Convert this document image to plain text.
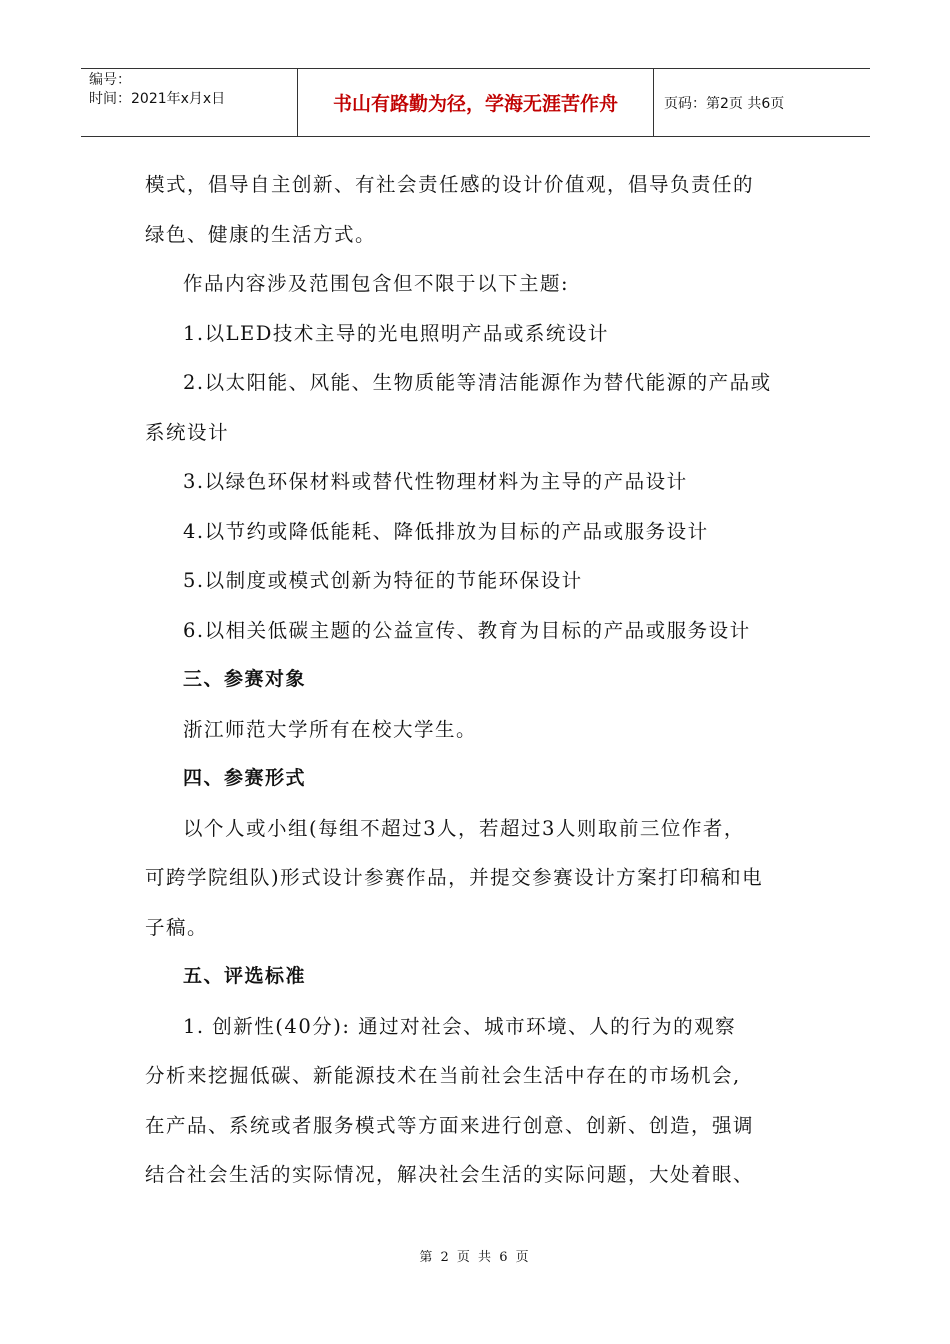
编号：
时间：2021年x月x日	书山有路勤为径，学海无涯苦作舟	页码：第2页 共6页

模式，倡导自主创新、有社会责任感的设计价值观，倡导负责任的

绿色、健康的生活方式。

作品内容涉及范围包含但不限于以下主题:

1.以LED技术主导的光电照明产品或系统设计

2.以太阳能、风能、生物质能等清洁能源作为替代能源的产品或

系统设计

3.以绿色环保材料或替代性物理材料为主导的产品设计

4.以节约或降低能耗、降低排放为目标的产品或服务设计

5.以制度或模式创新为特征的节能环保设计

6.以相关低碳主题的公益宣传、教育为目标的产品或服务设计

三、参赛对象

浙江师范大学所有在校大学生。

四、参赛形式

以个人或小组(每组不超过3人，若超过3人则取前三位作者，

可跨学院组队)形式设计参赛作品，并提交参赛设计方案打印稿和电

子稿。

五、评选标准

1. 创新性(40分): 通过对社会、城市环境、人的行为的观察

分析来挖掘低碳、新能源技术在当前社会生活中存在的市场机会,

在产品、系统或者服务模式等方面来进行创意、创新、创造，强调

结合社会生活的实际情况，解决社会生活的实际问题，大处着眼、

第 2 页 共 6 页
